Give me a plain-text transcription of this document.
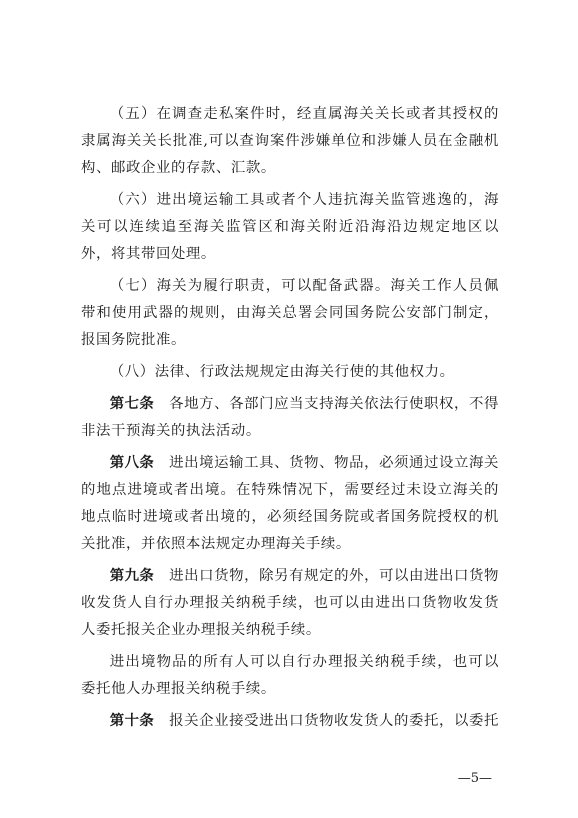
（五）在调查走私案件时，经直属海关关长或者其授权的隶属海关关长批准,可以查询案件涉嫌单位和涉嫌人员在金融机构、邮政企业的存款、汇款。

（六）进出境运输工具或者个人违抗海关监管逃逸的，海关可以连续追至海关监管区和海关附近沿海沿边规定地区以外，将其带回处理。

（七）海关为履行职责，可以配备武器。海关工作人员佩带和使用武器的规则，由海关总署会同国务院公安部门制定，报国务院批准。

（八）法律、行政法规规定由海关行使的其他权力。

第七条　各地方、各部门应当支持海关依法行使职权，不得非法干预海关的执法活动。

第八条　进出境运输工具、货物、物品，必须通过设立海关的地点进境或者出境。在特殊情况下，需要经过未设立海关的地点临时进境或者出境的，必须经国务院或者国务院授权的机关批准，并依照本法规定办理海关手续。

第九条　进出口货物，除另有规定的外，可以由进出口货物收发货人自行办理报关纳税手续，也可以由进出口货物收发货人委托报关企业办理报关纳税手续。

进出境物品的所有人可以自行办理报关纳税手续，也可以委托他人办理报关纳税手续。

第十条　报关企业接受进出口货物收发货人的委托，以委托

—5—
